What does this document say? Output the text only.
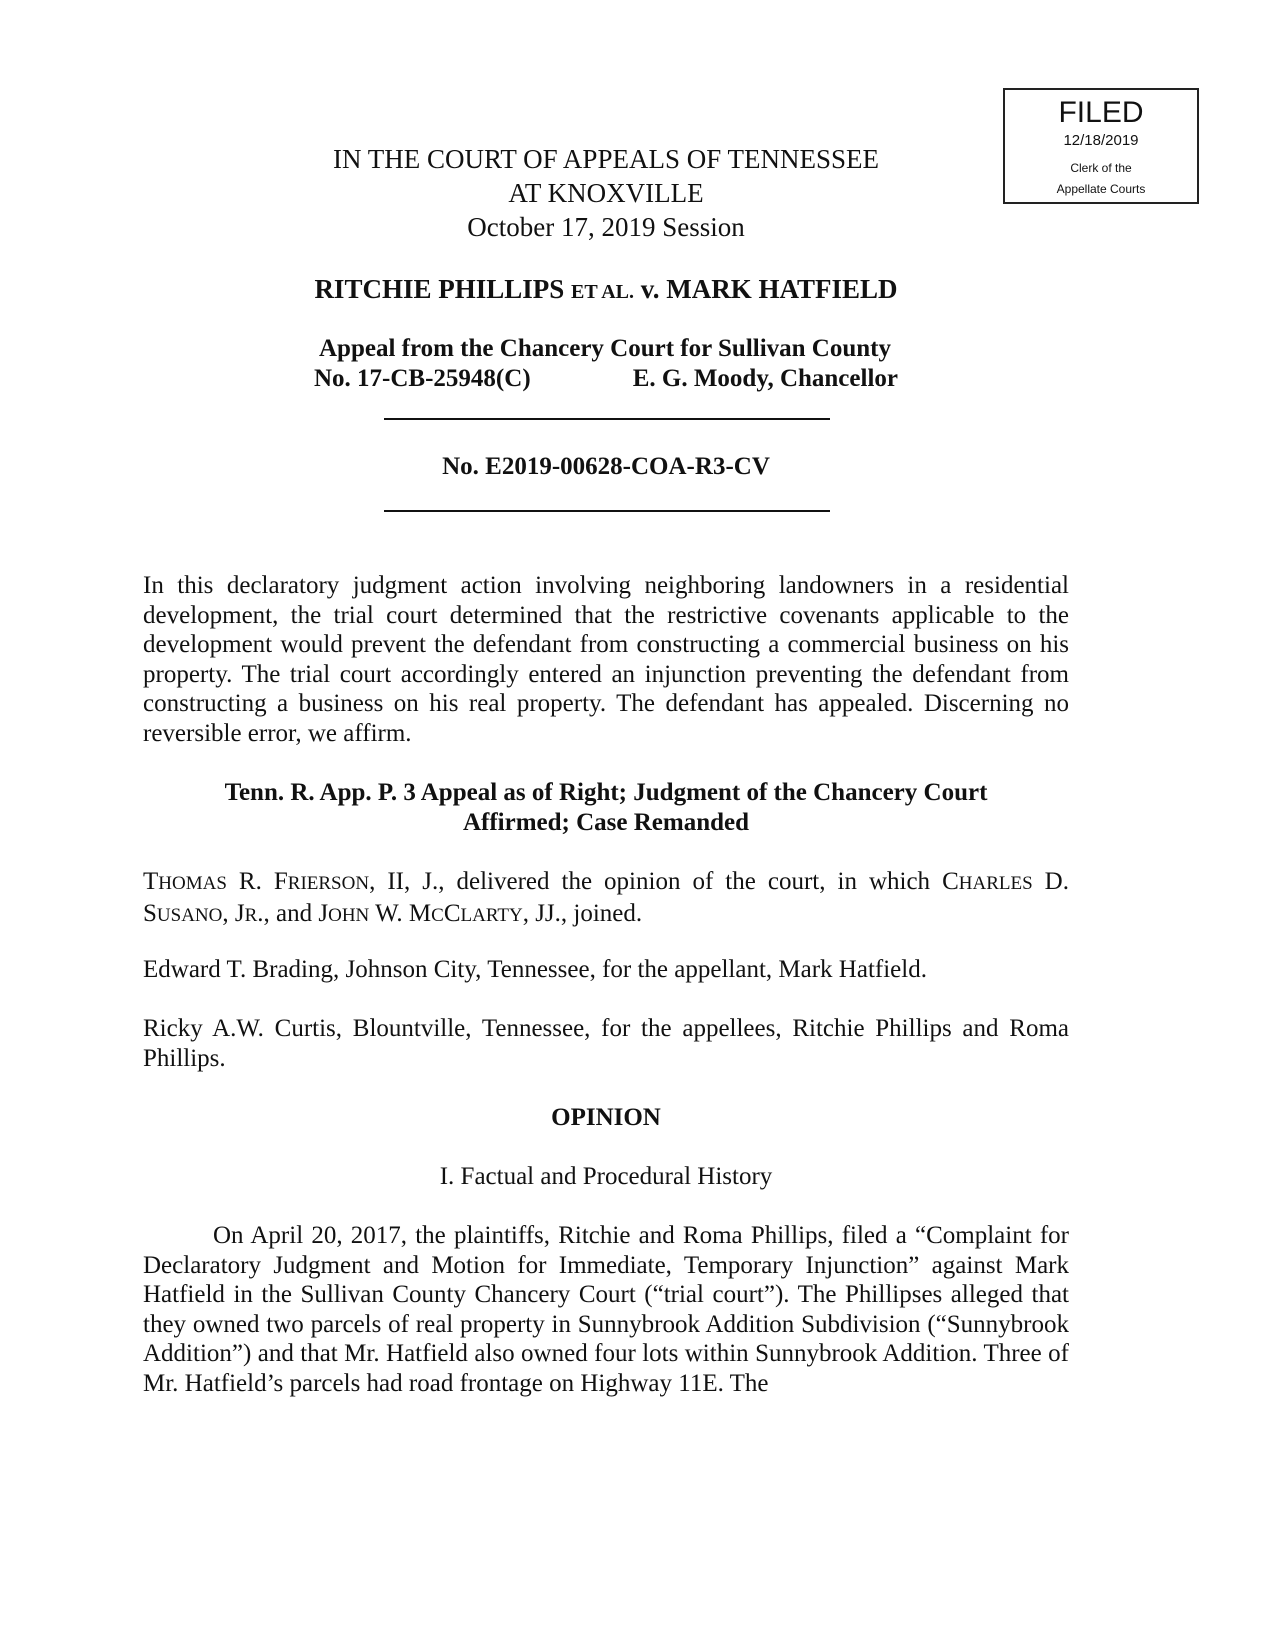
FILED
12/18/2019
Clerk of the
Appellate Courts
IN THE COURT OF APPEALS OF TENNESSEE
AT KNOXVILLE
October 17, 2019 Session
RITCHIE PHILLIPS ET AL. v. MARK HATFIELD
Appeal from the Chancery Court for Sullivan County
No. 17-CB-25948(C)	E. G. Moody, Chancellor
No. E2019-00628-COA-R3-CV
In this declaratory judgment action involving neighboring landowners in a residential development, the trial court determined that the restrictive covenants applicable to the development would prevent the defendant from constructing a commercial business on his property. The trial court accordingly entered an injunction preventing the defendant from constructing a business on his real property. The defendant has appealed. Discerning no reversible error, we affirm.
Tenn. R. App. P. 3 Appeal as of Right; Judgment of the Chancery Court
Affirmed; Case Remanded
THOMAS R. FRIERSON, II, J., delivered the opinion of the court, in which CHARLES D. SUSANO, JR., and JOHN W. MCCLARTY, JJ., joined.
Edward T. Brading, Johnson City, Tennessee, for the appellant, Mark Hatfield.
Ricky A.W. Curtis, Blountville, Tennessee, for the appellees, Ritchie Phillips and Roma Phillips.
OPINION
I. Factual and Procedural History
On April 20, 2017, the plaintiffs, Ritchie and Roma Phillips, filed a “Complaint for Declaratory Judgment and Motion for Immediate, Temporary Injunction” against Mark Hatfield in the Sullivan County Chancery Court (“trial court”). The Phillipses alleged that they owned two parcels of real property in Sunnybrook Addition Subdivision (“Sunnybrook Addition”) and that Mr. Hatfield also owned four lots within Sunnybrook Addition. Three of Mr. Hatfield’s parcels had road frontage on Highway 11E. The
